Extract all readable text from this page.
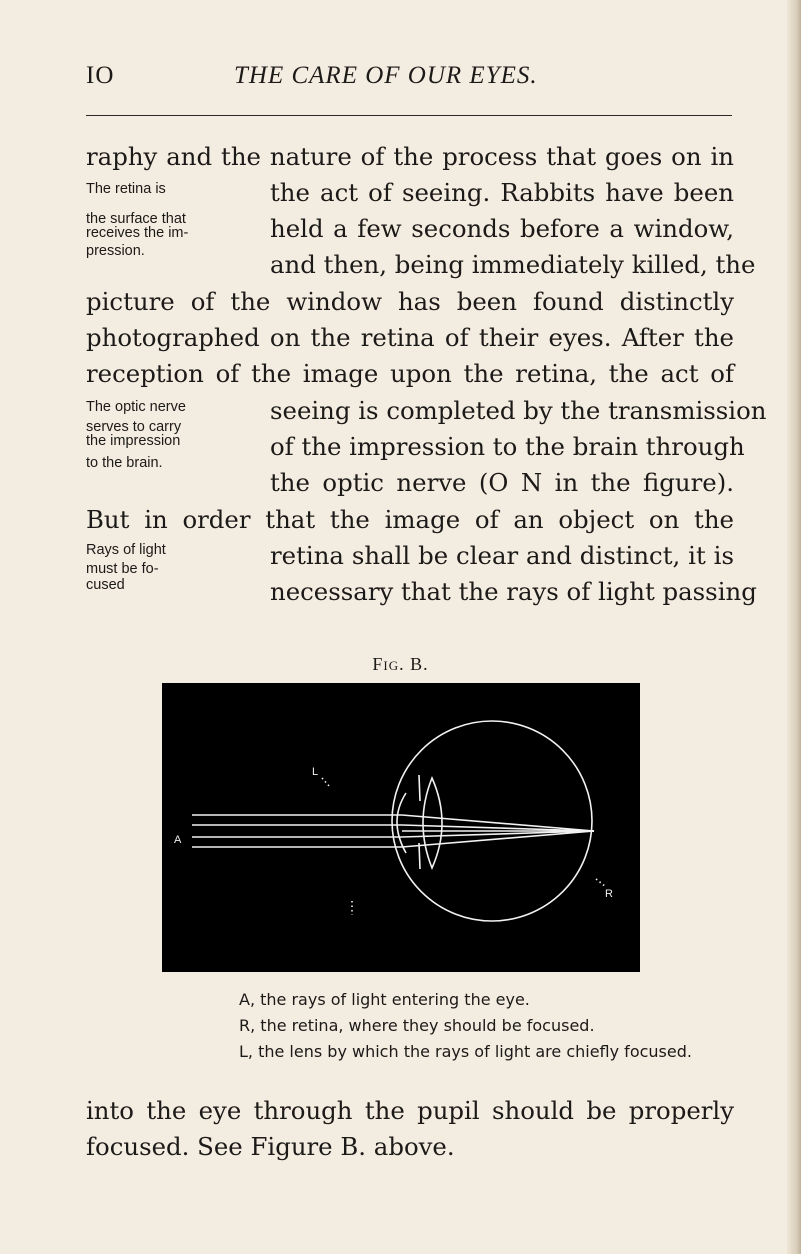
IO	THE CARE OF OUR EYES.
raphy and the nature of the process that goes on in
the act of seeing. Rabbits have been
held a few seconds before a window,
and then, being immediately killed, the
picture of the window has been found distinctly
photographed on the retina of their eyes. After the
reception of the image upon the retina, the act of
seeing is completed by the transmission
of the impression to the brain through
the optic nerve (O N in the figure).
But in order that the image of an object on the
retina shall be clear and distinct, it is
necessary that the rays of light passing
The retina is
the surface that
receives the im-
pression.
The optic nerve
serves to carry
the impression
to the brain.
Rays of light
must be fo-
cused
Fig. B.
L
A
R
A, the rays of light entering the eye.
R, the retina, where they should be focused.
L, the lens by which the rays of light are chiefly focused.
into the eye through the pupil should be properly
focused. See Figure B. above.
